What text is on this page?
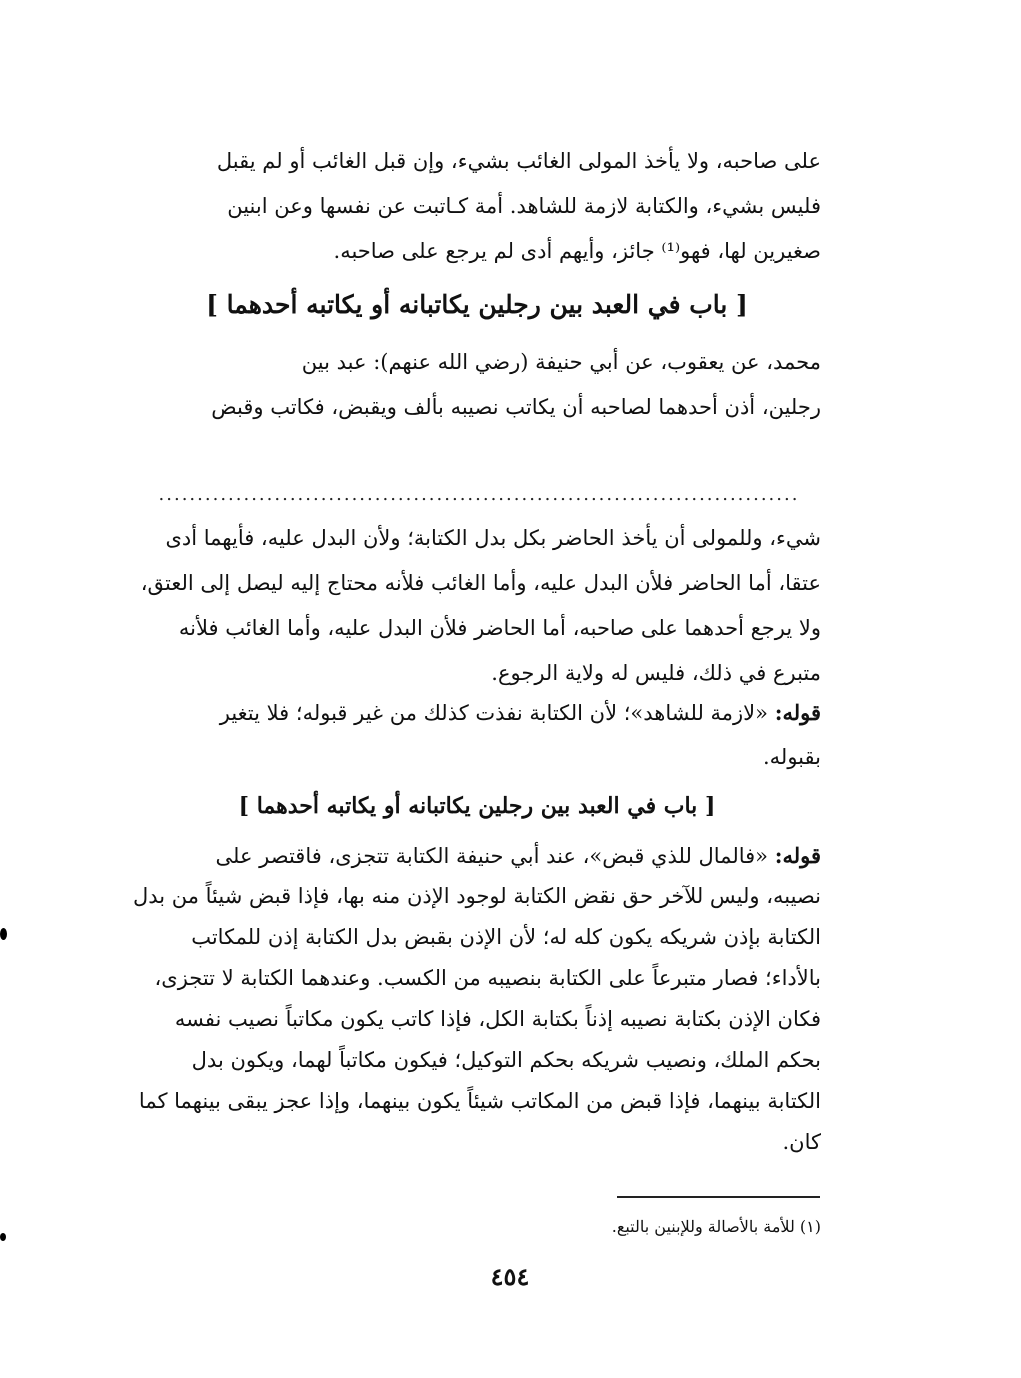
على صاحبه، ولا يأخذ المولى الغائب بشيء، وإن قبل الغائب أو لم يقبل
فليس بشيء، والكتابة لازمة للشاهد. أمة كـاتبت عن نفسها وعن ابنين
صغيرين لها، فهو⁽¹⁾ جائز، وأيهم أدى لم يرجع على صاحبه.
[ باب في العبد بين رجلين يكاتبانه أو يكاتبه أحدهما ]
محمد، عن يعقوب، عن أبي حنيفة (رضي الله عنهم): عبد بين
رجلين، أذن أحدهما لصاحبه أن يكاتب نصيبه بألف ويقبض، فكاتب وقبض
...................................................................................
شيء، وللمولى أن يأخذ الحاضر بكل بدل الكتابة؛ ولأن البدل عليه، فأيهما أدى
عتقا، أما الحاضر فلأن البدل عليه، وأما الغائب فلأنه محتاج إليه ليصل إلى العتق،
ولا يرجع أحدهما على صاحبه، أما الحاضر فلأن البدل عليه، وأما الغائب فلأنه
متبرع في ذلك، فليس له ولاية الرجوع.
قوله: «لازمة للشاهد»؛ لأن الكتابة نفذت كذلك من غير قبوله؛ فلا يتغير
بقبوله.
[ باب في العبد بين رجلين يكاتبانه أو يكاتبه أحدهما ]
قوله: «فالمال للذي قبض»، عند أبي حنيفة الكتابة تتجزى، فاقتصر على
نصيبه، وليس للآخر حق نقض الكتابة لوجود الإذن منه بها، فإذا قبض شيئاً من بدل
الكتابة بإذن شريكه يكون كله له؛ لأن الإذن بقبض بدل الكتابة إذن للمكاتب
بالأداء؛ فصار متبرعاً على الكتابة بنصيبه من الكسب. وعندهما الكتابة لا تتجزى،
فكان الإذن بكتابة نصيبه إذناً بكتابة الكل، فإذا كاتب يكون مكاتباً نصيب نفسه
بحكم الملك، ونصيب شريكه بحكم التوكيل؛ فيكون مكاتباً لهما، ويكون بدل
الكتابة بينهما، فإذا قبض من المكاتب شيئاً يكون بينهما، وإذا عجز يبقى بينهما كما
كان.
(١) للأمة بالأصالة وللإبنين بالتبع.
٤٥٤
